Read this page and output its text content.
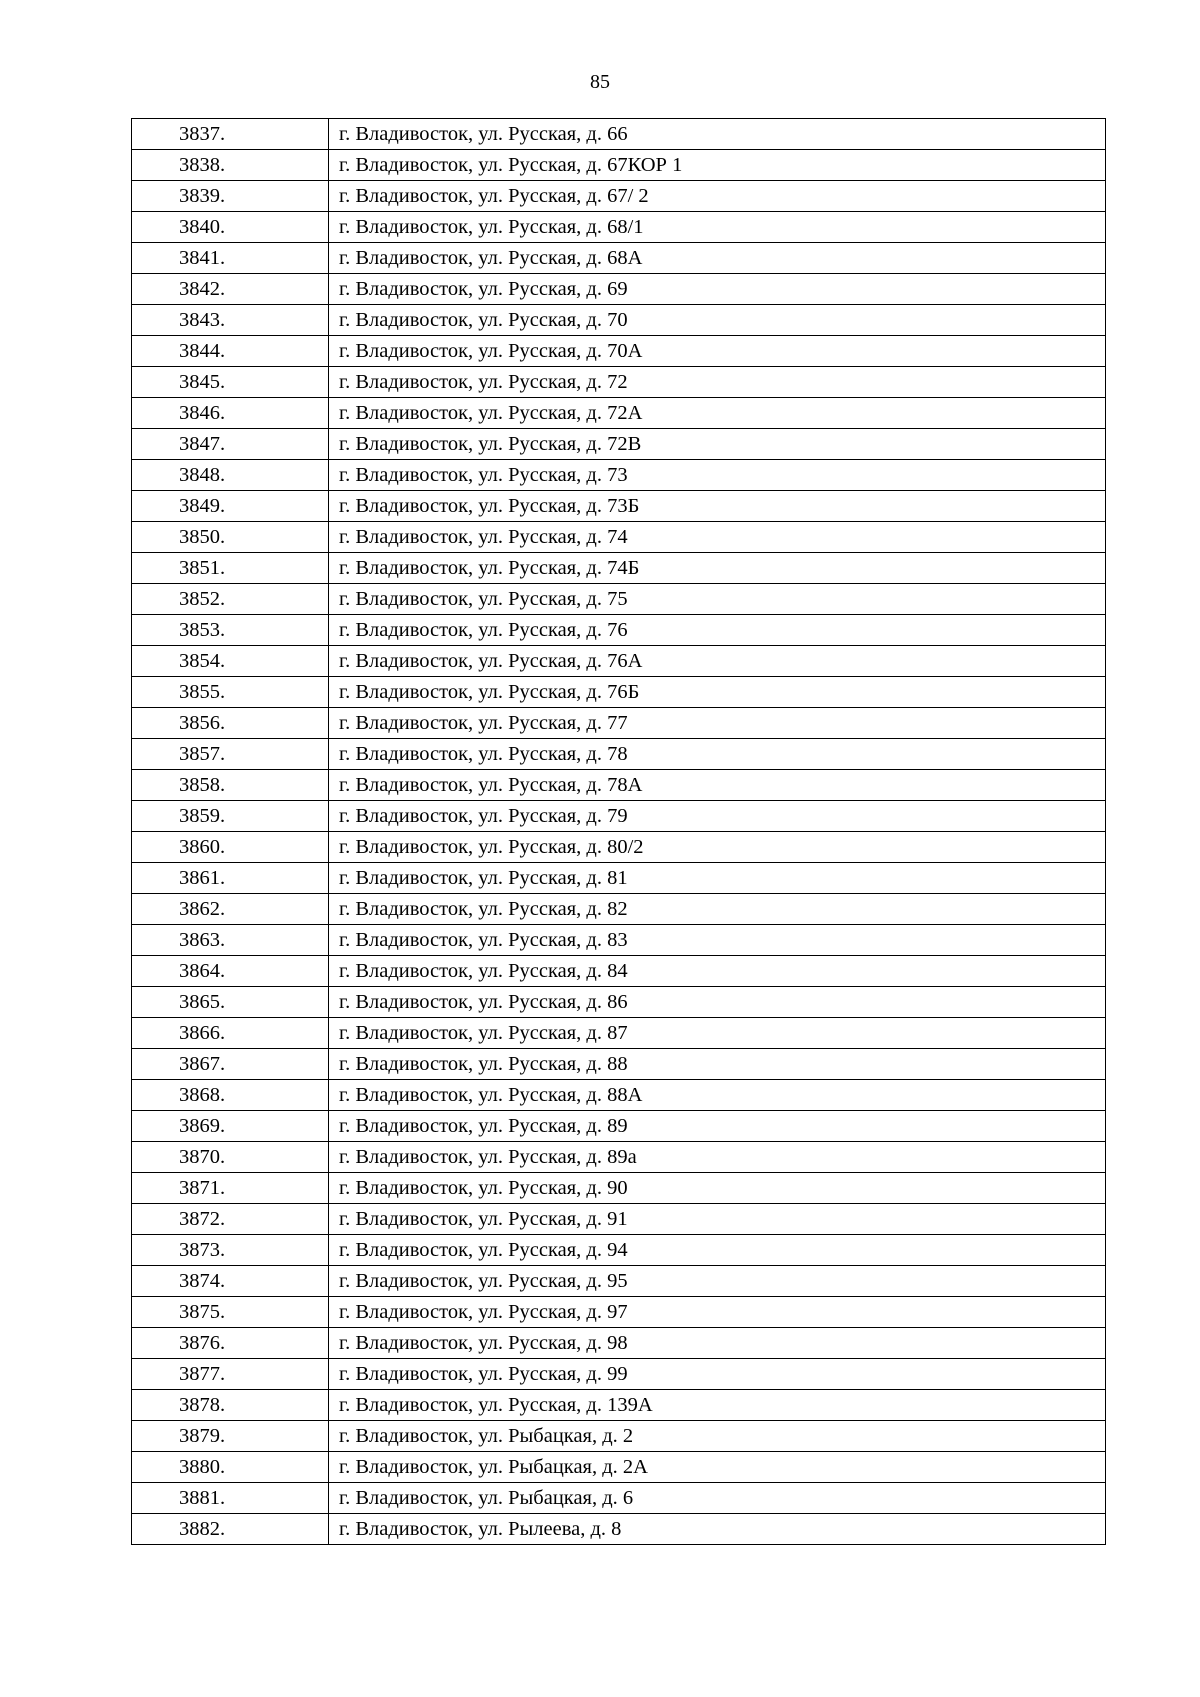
85
3837.	г. Владивосток, ул. Русская, д. 66
3838.	г. Владивосток, ул. Русская, д. 67КОР 1
3839.	г. Владивосток, ул. Русская, д. 67/ 2
3840.	г. Владивосток, ул. Русская, д. 68/1
3841.	г. Владивосток, ул. Русская, д. 68А
3842.	г. Владивосток, ул. Русская, д. 69
3843.	г. Владивосток, ул. Русская, д. 70
3844.	г. Владивосток, ул. Русская, д. 70А
3845.	г. Владивосток, ул. Русская, д. 72
3846.	г. Владивосток, ул. Русская, д. 72А
3847.	г. Владивосток, ул. Русская, д. 72В
3848.	г. Владивосток, ул. Русская, д. 73
3849.	г. Владивосток, ул. Русская, д. 73Б
3850.	г. Владивосток, ул. Русская, д. 74
3851.	г. Владивосток, ул. Русская, д. 74Б
3852.	г. Владивосток, ул. Русская, д. 75
3853.	г. Владивосток, ул. Русская, д. 76
3854.	г. Владивосток, ул. Русская, д. 76А
3855.	г. Владивосток, ул. Русская, д. 76Б
3856.	г. Владивосток, ул. Русская, д. 77
3857.	г. Владивосток, ул. Русская, д. 78
3858.	г. Владивосток, ул. Русская, д. 78А
3859.	г. Владивосток, ул. Русская, д. 79
3860.	г. Владивосток, ул. Русская, д. 80/2
3861.	г. Владивосток, ул. Русская, д. 81
3862.	г. Владивосток, ул. Русская, д. 82
3863.	г. Владивосток, ул. Русская, д. 83
3864.	г. Владивосток, ул. Русская, д. 84
3865.	г. Владивосток, ул. Русская, д. 86
3866.	г. Владивосток, ул. Русская, д. 87
3867.	г. Владивосток, ул. Русская, д. 88
3868.	г. Владивосток, ул. Русская, д. 88А
3869.	г. Владивосток, ул. Русская, д. 89
3870.	г. Владивосток, ул. Русская, д. 89а
3871.	г. Владивосток, ул. Русская, д. 90
3872.	г. Владивосток, ул. Русская, д. 91
3873.	г. Владивосток, ул. Русская, д. 94
3874.	г. Владивосток, ул. Русская, д. 95
3875.	г. Владивосток, ул. Русская, д. 97
3876.	г. Владивосток, ул. Русская, д. 98
3877.	г. Владивосток, ул. Русская, д. 99
3878.	г. Владивосток, ул. Русская, д. 139А
3879.	г. Владивосток, ул. Рыбацкая, д. 2
3880.	г. Владивосток, ул. Рыбацкая, д. 2А
3881.	г. Владивосток, ул. Рыбацкая, д. 6
3882.	г. Владивосток, ул. Рылеева, д. 8
